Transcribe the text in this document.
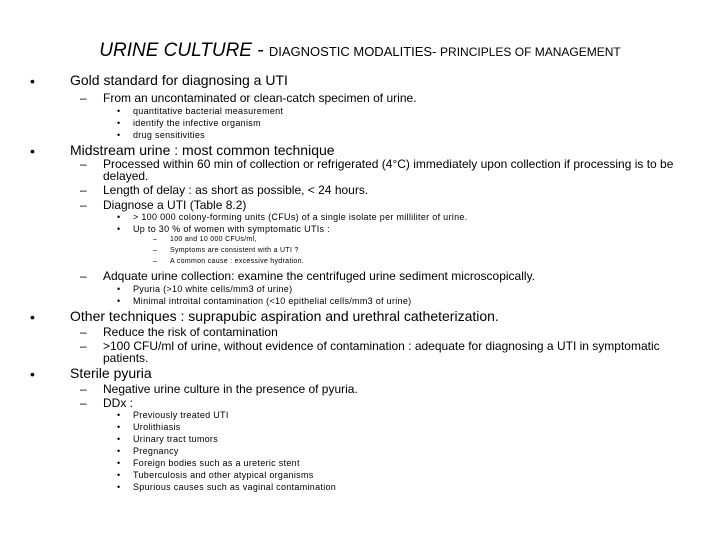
URINE CULTURE - DIAGNOSTIC MODALITIES- PRINCIPLES OF MANAGEMENT
•	Gold standard for diagnosing a UTI
– From an uncontaminated or clean-catch specimen of urine.
• quantitative bacterial measurement
• identify the infective organism
• drug sensitivities
•	Midstream urine : most common technique
– Processed within 60 min of collection or refrigerated (4°C) immediately upon collection if processing is to be
delayed.
– Length of delay : as short as possible, < 24 hours.
– Diagnose a UTI (Table 8.2)
• > 100 000 colony-forming units (CFUs) of a single isolate per milliliter of urine.
• Up to 30 % of women with symptomatic UTIs :
– 100 and 10 000 CFUs/ml,
– Symptoms are consistent with a UTI ?
– A common cause : excessive hydration.
– Adquate urine collection: examine the centrifuged urine sediment microscopically.
• Pyuria (>10 white cells/mm3 of urine)
• Minimal introital contamination (<10 epithelial cells/mm3 of urine)
•	Other techniques : suprapubic aspiration and urethral catheterization.
– Reduce the risk of contamination
– >100 CFU/ml of urine, without evidence of contamination : adequate for diagnosing a UTI in symptomatic
patients.
•	Sterile pyuria
– Negative urine culture in the presence of pyuria.
– DDx :
• Previously treated UTI
• Urolithiasis
• Urinary tract tumors
• Pregnancy
• Foreign bodies such as a ureteric stent
• Tuberculosis and other atypical organisms
• Spurious causes such as vaginal contamination
